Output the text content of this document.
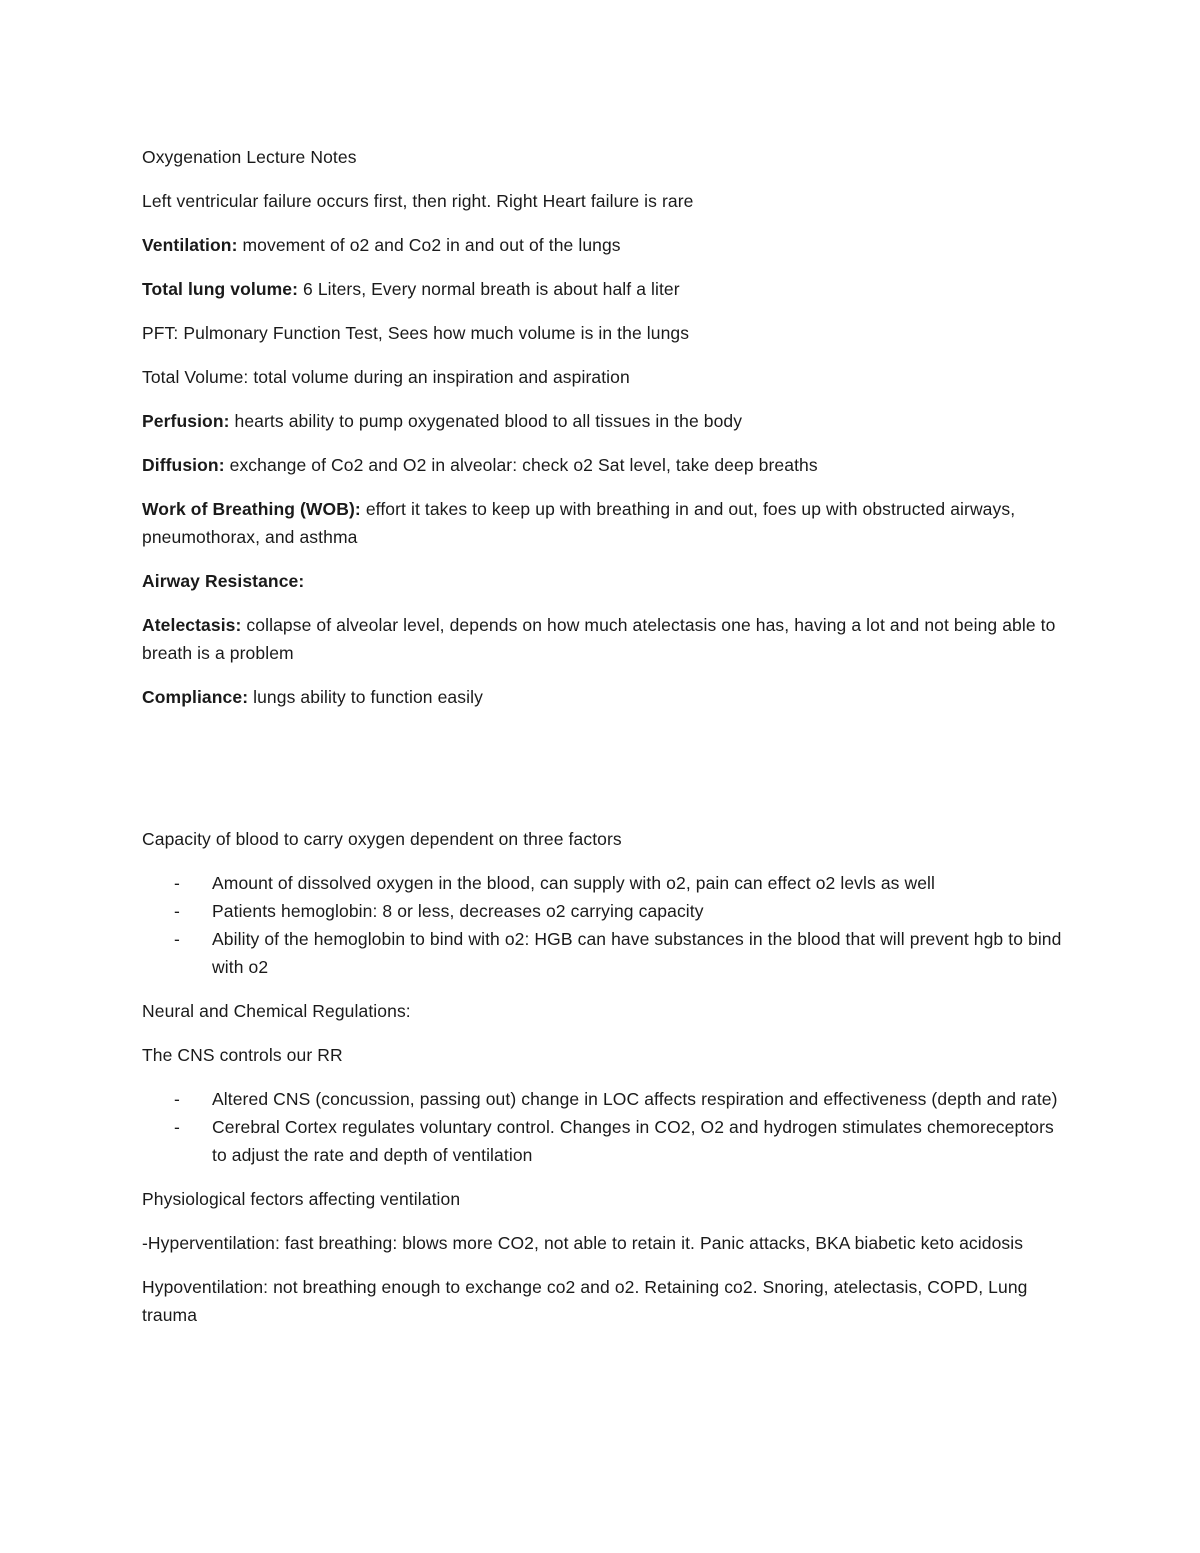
Oxygenation Lecture Notes

Left ventricular failure occurs first, then right. Right Heart failure is rare

Ventilation: movement of o2 and Co2 in and out of the lungs

Total lung volume: 6 Liters, Every normal breath is about half a liter

PFT: Pulmonary Function Test, Sees how much volume is in the lungs

Total Volume: total volume during an inspiration and aspiration

Perfusion: hearts ability to pump oxygenated blood to all tissues in the body

Diffusion: exchange of Co2 and O2 in alveolar: check o2 Sat level, take deep breaths

Work of Breathing (WOB): effort it takes to keep up with breathing in and out, foes up with obstructed airways, pneumothorax, and asthma

Airway Resistance:

Atelectasis: collapse of alveolar level, depends on how much atelectasis one has, having a lot and not being able to breath is a problem

Compliance: lungs ability to function easily

Capacity of blood to carry oxygen dependent on three factors

- Amount of dissolved oxygen in the blood, can supply with o2, pain can effect o2 levls as well
- Patients hemoglobin: 8 or less, decreases o2 carrying capacity
- Ability of the hemoglobin to bind with o2: HGB can have substances in the blood that will prevent hgb to bind with o2

Neural and Chemical Regulations:

The CNS controls our RR

- Altered CNS (concussion, passing out) change in LOC affects respiration and effectiveness (depth and rate)
- Cerebral Cortex regulates voluntary control. Changes in CO2, O2 and hydrogen stimulates chemoreceptors to adjust the rate and depth of ventilation

Physiological fectors affecting ventilation

-Hyperventilation: fast breathing: blows more CO2, not able to retain it. Panic attacks, BKA biabetic keto acidosis

Hypoventilation: not breathing enough to exchange co2 and o2. Retaining co2. Snoring, atelectasis, COPD, Lung trauma
